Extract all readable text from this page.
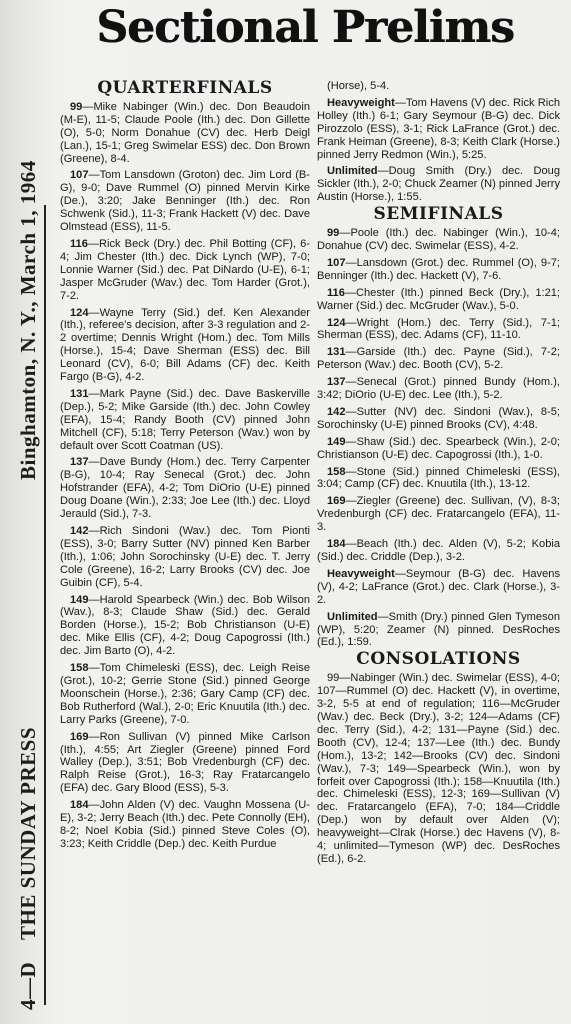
4—D
THE SUNDAY PRESS
Binghamton, N. Y., March 1, 1964
Sectional Prelims
QUARTERFINALS
99—Mike Nabinger (Win.) dec. Don Beaudoin (M-E), 11-5; Claude Poole (Ith.) dec. Don Gillette (O), 5-0; Norm Donahue (CV) dec. Herb Deigl (Lan.), 15-1; Greg Swimelar ESS) dec. Don Brown (Greene), 8-4.
107—Tom Lansdown (Groton) dec. Jim Lord (B-G), 9-0; Dave Rummel (O) pinned Mervin Kirke (De.), 3:20; Jake Benninger (Ith.) dec. Ron Schwenk (Sid.), 11-3; Frank Hackett (V) dec. Dave Olmstead (ESS), 11-5.
116—Rick Beck (Dry.) dec. Phil Botting (CF), 6-4; Jim Chester (Ith.) dec. Dick Lynch (WP), 7-0; Lonnie Warner (Sid.) dec. Pat DiNardo (U-E), 6-1; Jasper McGruder (Wav.) dec. Tom Harder (Grot.), 7-2.
124—Wayne Terry (Sid.) def. Ken Alexander (Ith.), referee's decision, after 3-3 regulation and 2-2 overtime; Dennis Wright (Hom.) dec. Tom Mills (Horse.), 15-4; Dave Sherman (ESS) dec. Bill Leonard (CV), 6-0; Bill Adams (CF) dec. Keith Fargo (B-G), 4-2.
131—Mark Payne (Sid.) dec. Dave Baskerville (Dep.), 5-2; Mike Garside (Ith.) dec. John Cowley (EFA), 15-4; Randy Booth (CV) pinned John Mitchell (CF), 5:18; Terry Peterson (Wav.) won by default over Scott Coatman (US).
137—Dave Bundy (Hom.) dec. Terry Carpenter (B-G), 10-4; Ray Senecal (Grot.) dec. John Hofstrander (EFA), 4-2; Tom DiOrio (U-E) pinned Doug Doane (Win.), 2:33; Joe Lee (Ith.) dec. Lloyd Jerauld (Sid.), 7-3.
142—Rich Sindoni (Wav.) dec. Tom Pionti (ESS), 3-0; Barry Sutter (NV) pinned Ken Barber (Ith.), 1:06; John Sorochinsky (U-E) dec. T. Jerry Cole (Greene), 16-2; Larry Brooks (CV) dec. Joe Guibin (CF), 5-4.
149—Harold Spearbeck (Win.) dec. Bob Wilson (Wav.), 8-3; Claude Shaw (Sid.) dec. Gerald Borden (Horse.), 15-2; Bob Christianson (U-E) dec. Mike Ellis (CF), 4-2; Doug Capogrossi (Ith.) dec. Jim Barto (O), 4-2.
158—Tom Chimeleski (ESS), dec. Leigh Reise (Grot.), 10-2; Gerrie Stone (Sid.) pinned George Moonschein (Horse.), 2:36; Gary Camp (CF) dec. Bob Rutherford (Wal.), 2-0; Eric Knuutila (Ith.) dec. Larry Parks (Greene), 7-0.
169—Ron Sullivan (V) pinned Mike Carlson (Ith.), 4:55; Art Ziegler (Greene) pinned Ford Walley (Dep.), 3:51; Bob Vredenburgh (CF) dec. Ralph Reise (Grot.), 16-3; Ray Fratarcangelo (EFA) dec. Gary Blood (ESS), 5-3.
184—John Alden (V) dec. Vaughn Mossena (U-E), 3-2; Jerry Beach (Ith.) dec. Pete Connolly (EH), 8-2; Noel Kobia (Sid.) pinned Steve Coles (O), 3:23; Keith Criddle (Dep.) dec. Keith Purdue
(Horse), 5-4.
Heavyweight—Tom Havens (V) dec. Rick Rich Holley (Ith.) 6-1; Gary Seymour (B-G) dec. Dick Pirozzolo (ESS), 3-1; Rick LaFrance (Grot.) dec. Frank Heiman (Greene), 8-3; Keith Clark (Horse.) pinned Jerry Redmon (Win.), 5:25.
Unlimited—Doug Smith (Dry.) dec. Doug Sickler (Ith.), 2-0; Chuck Zeamer (N) pinned Jerry Austin (Horse.), 1:55.
SEMIFINALS
99—Poole (Ith.) dec. Nabinger (Win.), 10-4; Donahue (CV) dec. Swimelar (ESS), 4-2.
107—Lansdown (Grot.) dec. Rummel (O), 9-7; Benninger (Ith.) dec. Hackett (V), 7-6.
116—Chester (Ith.) pinned Beck (Dry.), 1:21; Warner (Sid.) dec. McGruder (Wav.), 5-0.
124—Wright (Hom.) dec. Terry (Sid.), 7-1; Sherman (ESS), dec. Adams (CF), 11-10.
131—Garside (Ith.) dec. Payne (Sid.), 7-2; Peterson (Wav.) dec. Booth (CV), 5-2.
137—Senecal (Grot.) pinned Bundy (Hom.), 3:42; DiOrio (U-E) dec. Lee (Ith.), 5-2.
142—Sutter (NV) dec. Sindoni (Wav.), 8-5; Sorochinsky (U-E) pinned Brooks (CV), 4:48.
149—Shaw (Sid.) dec. Spearbeck (Win.), 2-0; Christianson (U-E) dec. Capogrossi (Ith.), 1-0.
158—Stone (Sid.) pinned Chimeleski (ESS), 3:04; Camp (CF) dec. Knuutila (Ith.), 13-12.
169—Ziegler (Greene) dec. Sullivan, (V), 8-3; Vredenburgh (CF) dec. Fratarcangelo (EFA), 11-3.
184—Beach (Ith.) dec. Alden (V), 5-2; Kobia (Sid.) dec. Criddle (Dep.), 3-2.
Heavyweight—Seymour (B-G) dec. Havens (V), 4-2; LaFrance (Grot.) dec. Clark (Horse.), 3-2.
Unlimited—Smith (Dry.) pinned Glen Tymeson (WP), 5:20; Zeamer (N) pinned. DesRoches (Ed.), 1:59.
CONSOLATIONS
99—Nabinger (Win.) dec. Swimelar (ESS), 4-0; 107—Rummel (O) dec. Hackett (V), in overtime, 3-2, 5-5 at end of regulation; 116—McGruder (Wav.) dec. Beck (Dry.), 3-2; 124—Adams (CF) dec. Terry (Sid.), 4-2; 131—Payne (Sid.) dec. Booth (CV), 12-4; 137—Lee (Ith.) dec. Bundy (Hom.), 13-2; 142—Brooks (CV) dec. Sindoni (Wav.), 7-3; 149—Spearbeck (Win.), won by forfeit over Capogrossi (Ith.); 158—Knuutila (Ith.) dec. Chimeleski (ESS), 12-3; 169—Sullivan (V) dec. Fratarcangelo (EFA), 7-0; 184—Criddle (Dep.) won by default over Alden (V); heavyweight—Clrak (Horse.) dec Havens (V), 8-4; unlimited—Tymeson (WP) dec. DesRoches (Ed.), 6-2.
